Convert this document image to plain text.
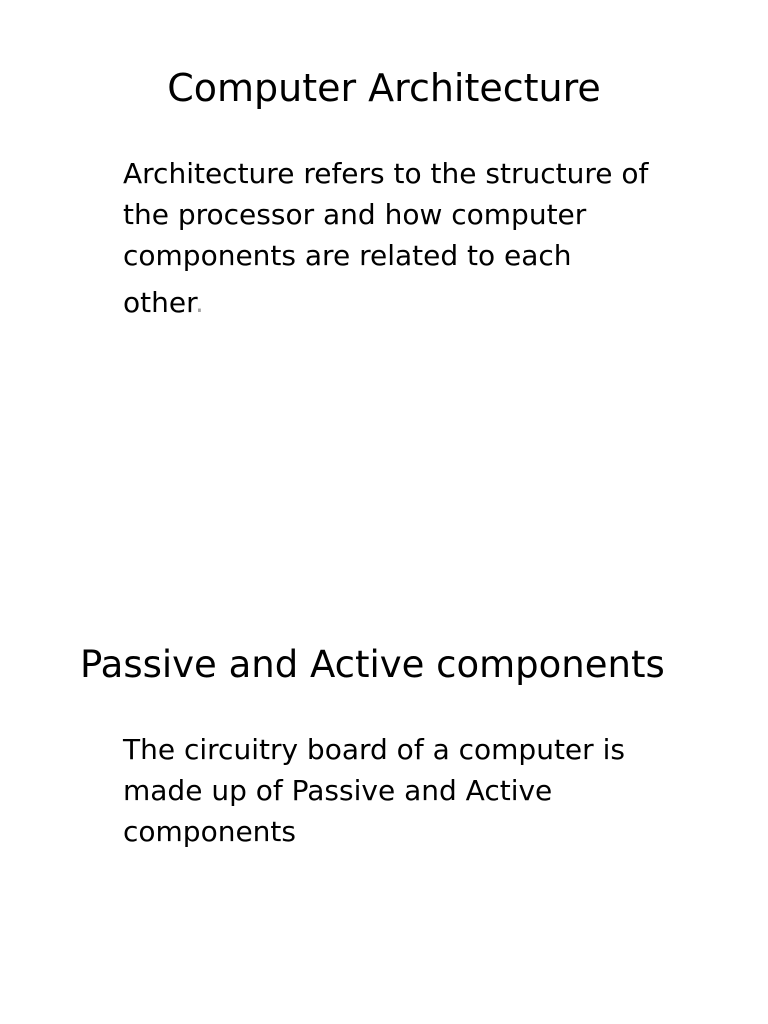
Computer Architecture

Architecture refers to the structure of
the processor and how computer
components are related to each
other.

Passive and Active components

The circuitry board of a computer is
made up of Passive and Active
components
